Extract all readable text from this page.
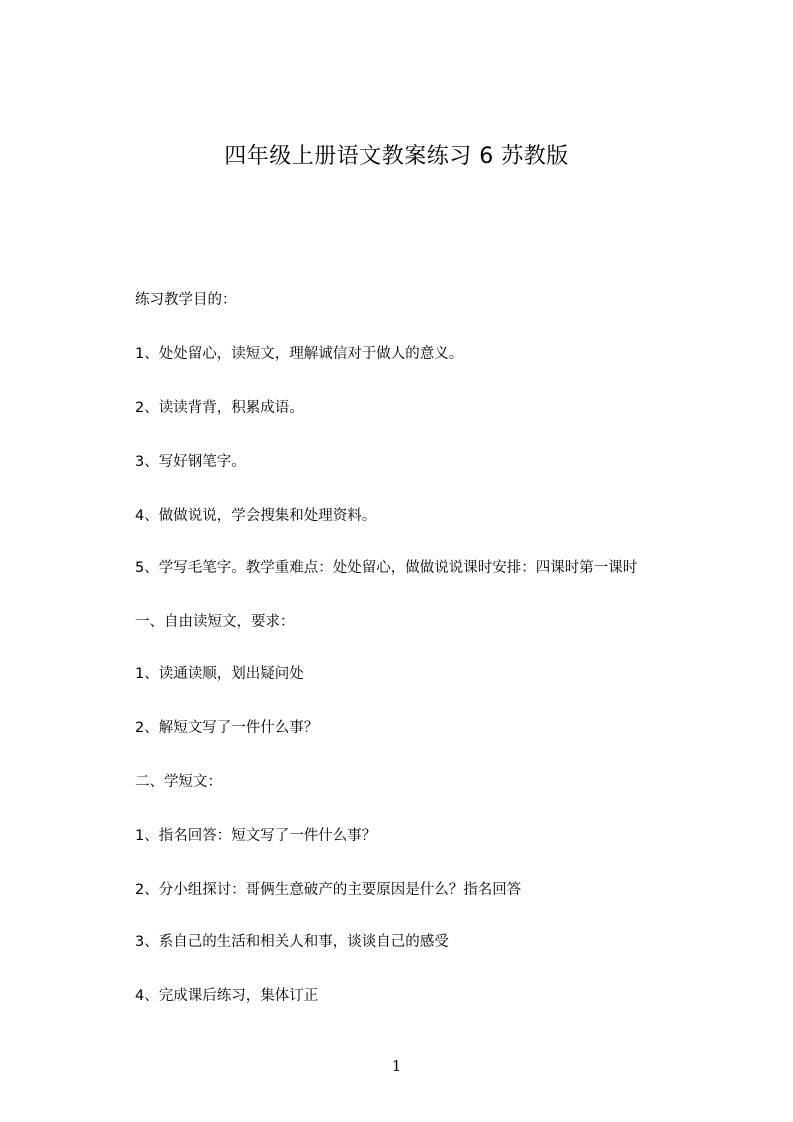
四年级上册语文教案练习 6 苏教版

练习教学目的：

1、处处留心，读短文，理解诚信对于做人的意义。

2、读读背背，积累成语。

3、写好钢笔字。

4、做做说说，学会搜集和处理资料。

5、学写毛笔字。教学重难点：处处留心，做做说说课时安排：四课时第一课时

一、自由读短文，要求：

1、读通读顺，划出疑问处

2、解短文写了一件什么事？

二、学短文：

1、指名回答：短文写了一件什么事？

2、分小组探讨：哥俩生意破产的主要原因是什么？指名回答

3、系自己的生活和相关人和事，谈谈自己的感受

4、完成课后练习，集体订正

1
